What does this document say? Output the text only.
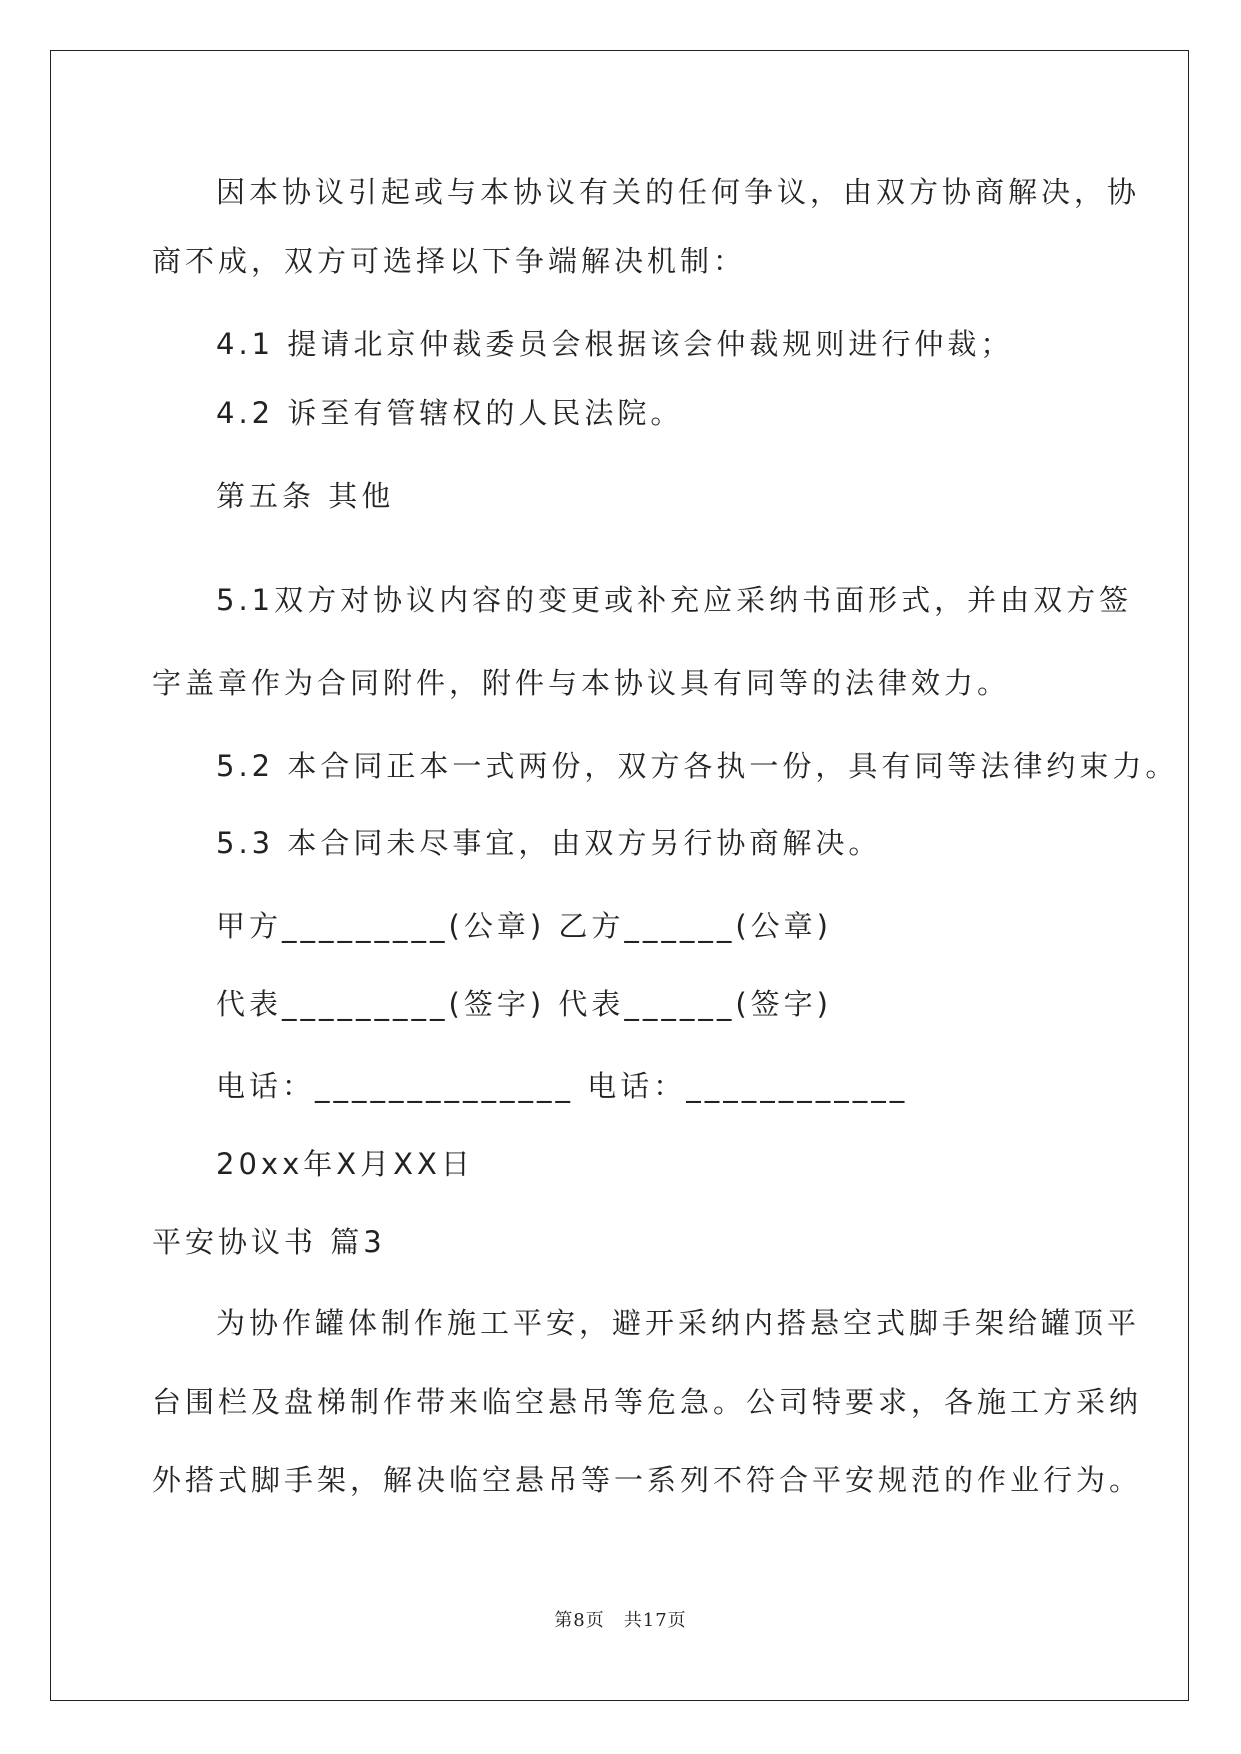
因本协议引起或与本协议有关的任何争议，由双方协商解决，协
商不成，双方可选择以下争端解决机制：
4.1 提请北京仲裁委员会根据该会仲裁规则进行仲裁；
4.2 诉至有管辖权的人民法院。
第五条 其他
5.1双方对协议内容的变更或补充应采纳书面形式，并由双方签
字盖章作为合同附件，附件与本协议具有同等的法律效力。
5.2 本合同正本一式两份，双方各执一份，具有同等法律约束力。
5.3 本合同未尽事宜，由双方另行协商解决。
甲方_________(公章) 乙方______(公章)
代表_________(签字) 代表______(签字)
电话：______________ 电话：____________
20xx年X月XX日
平安协议书 篇3
为协作罐体制作施工平安，避开采纳内搭悬空式脚手架给罐顶平
台围栏及盘梯制作带来临空悬吊等危急。公司特要求，各施工方采纳
外搭式脚手架，解决临空悬吊等一系列不符合平安规范的作业行为。
第8页　共17页
